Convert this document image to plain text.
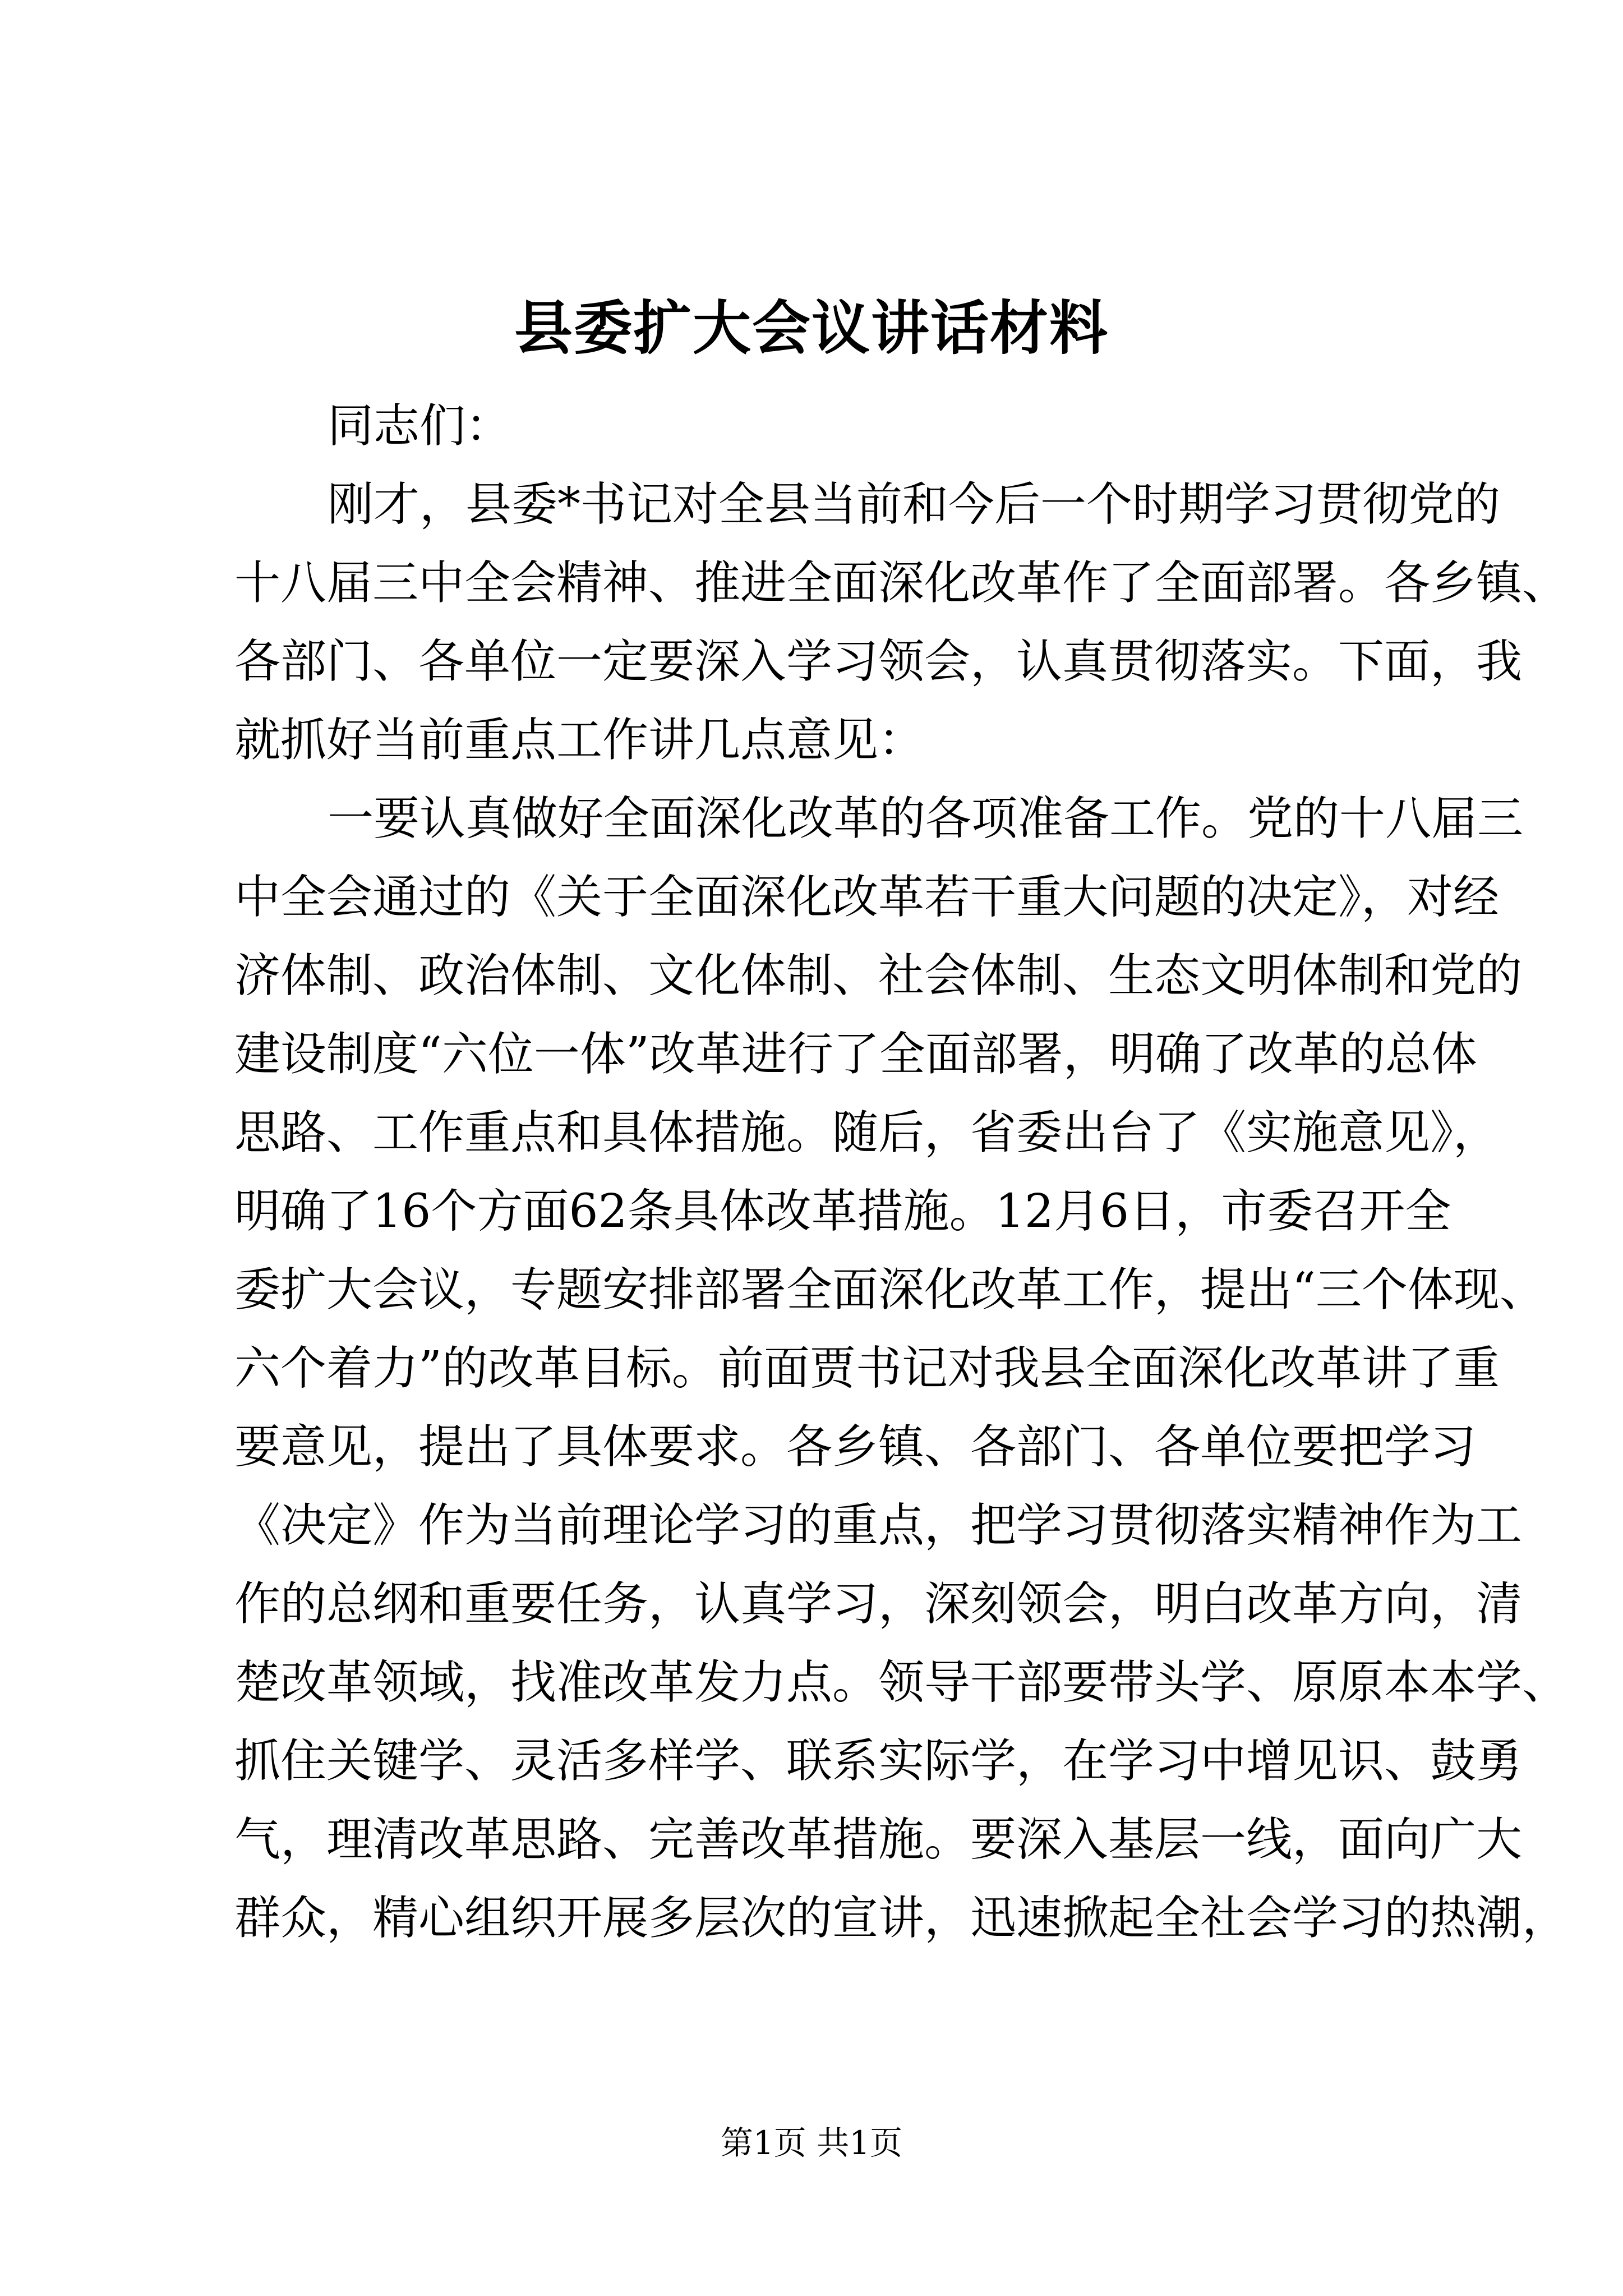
县委扩大会议讲话材料

同志们：

刚才，县委*书记对全县当前和今后一个时期学习贯彻党的
十八届三中全会精神、推进全面深化改革作了全面部署。各乡镇、
各部门、各单位一定要深入学习领会，认真贯彻落实。下面，我
就抓好当前重点工作讲几点意见：
一要认真做好全面深化改革的各项准备工作。党的十八届三
中全会通过的《关于全面深化改革若干重大问题的决定》，对经
济体制、政治体制、文化体制、社会体制、生态文明体制和党的
建设制度“六位一体”改革进行了全面部署，明确了改革的总体
思路、工作重点和具体措施。随后，省委出台了《实施意见》，
明确了16个方面62条具体改革措施。12月6日，市委召开全
委扩大会议，专题安排部署全面深化改革工作，提出“三个体现、
六个着力”的改革目标。前面贾书记对我县全面深化改革讲了重
要意见，提出了具体要求。各乡镇、各部门、各单位要把学习
《决定》作为当前理论学习的重点，把学习贯彻落实精神作为工
作的总纲和重要任务，认真学习，深刻领会，明白改革方向，清
楚改革领域，找准改革发力点。领导干部要带头学、原原本本学、
抓住关键学、灵活多样学、联系实际学，在学习中增见识、鼓勇
气，理清改革思路、完善改革措施。要深入基层一线，面向广大
群众，精心组织开展多层次的宣讲，迅速掀起全社会学习的热潮，
第1页 共1页
